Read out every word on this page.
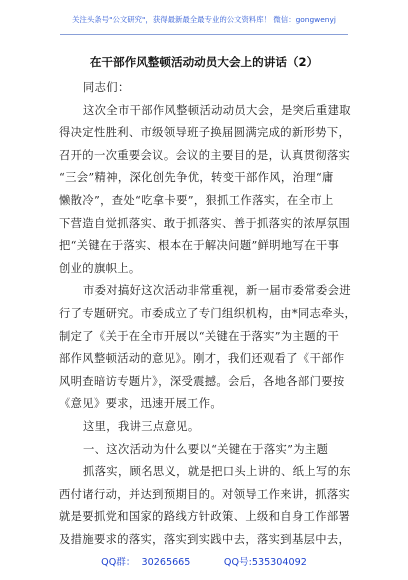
关注头条号"公文研究"，获得最新最全最专业的公文资料库！ 微信：gongwenyj
在干部作风整顿活动动员大会上的讲话（2）
同志们：
这次全市干部作风整顿活动动员大会，是突后重建取
得决定性胜利、市级领导班子换届圆满完成的新形势下，
召开的一次重要会议。会议的主要目的是，认真贯彻落实
“三会”精神，深化创先争优，转变干部作风，治理“庸
懒散冷”，查处“吃拿卡要”，狠抓工作落实，在全市上
下营造自觉抓落实、敢于抓落实、善于抓落实的浓厚氛围
把“关键在于落实、根本在于解决问题”鲜明地写在干事
创业的旗帜上。
市委对搞好这次活动非常重视，新一届市委常委会进
行了专题研究。市委成立了专门组织机构，由*同志牵头，
制定了《关于在全市开展以“关键在于落实”为主题的干
部作风整顿活动的意见》。刚才，我们还观看了《干部作
风明查暗访专题片》，深受震撼。会后，各地各部门要按
《意见》要求，迅速开展工作。
这里，我讲三点意见。
一、这次活动为什么要以“关键在于落实”为主题
抓落实，顾名思义，就是把口头上讲的、纸上写的东
西付诸行动，并达到预期目的。对领导工作来讲，抓落实
就是要抓党和国家的路线方针政策、上级和自身工作部署
及措施要求的落实，落实到实践中去，落实到基层中去，
QQ群：  30265665           QQ号:535304092
